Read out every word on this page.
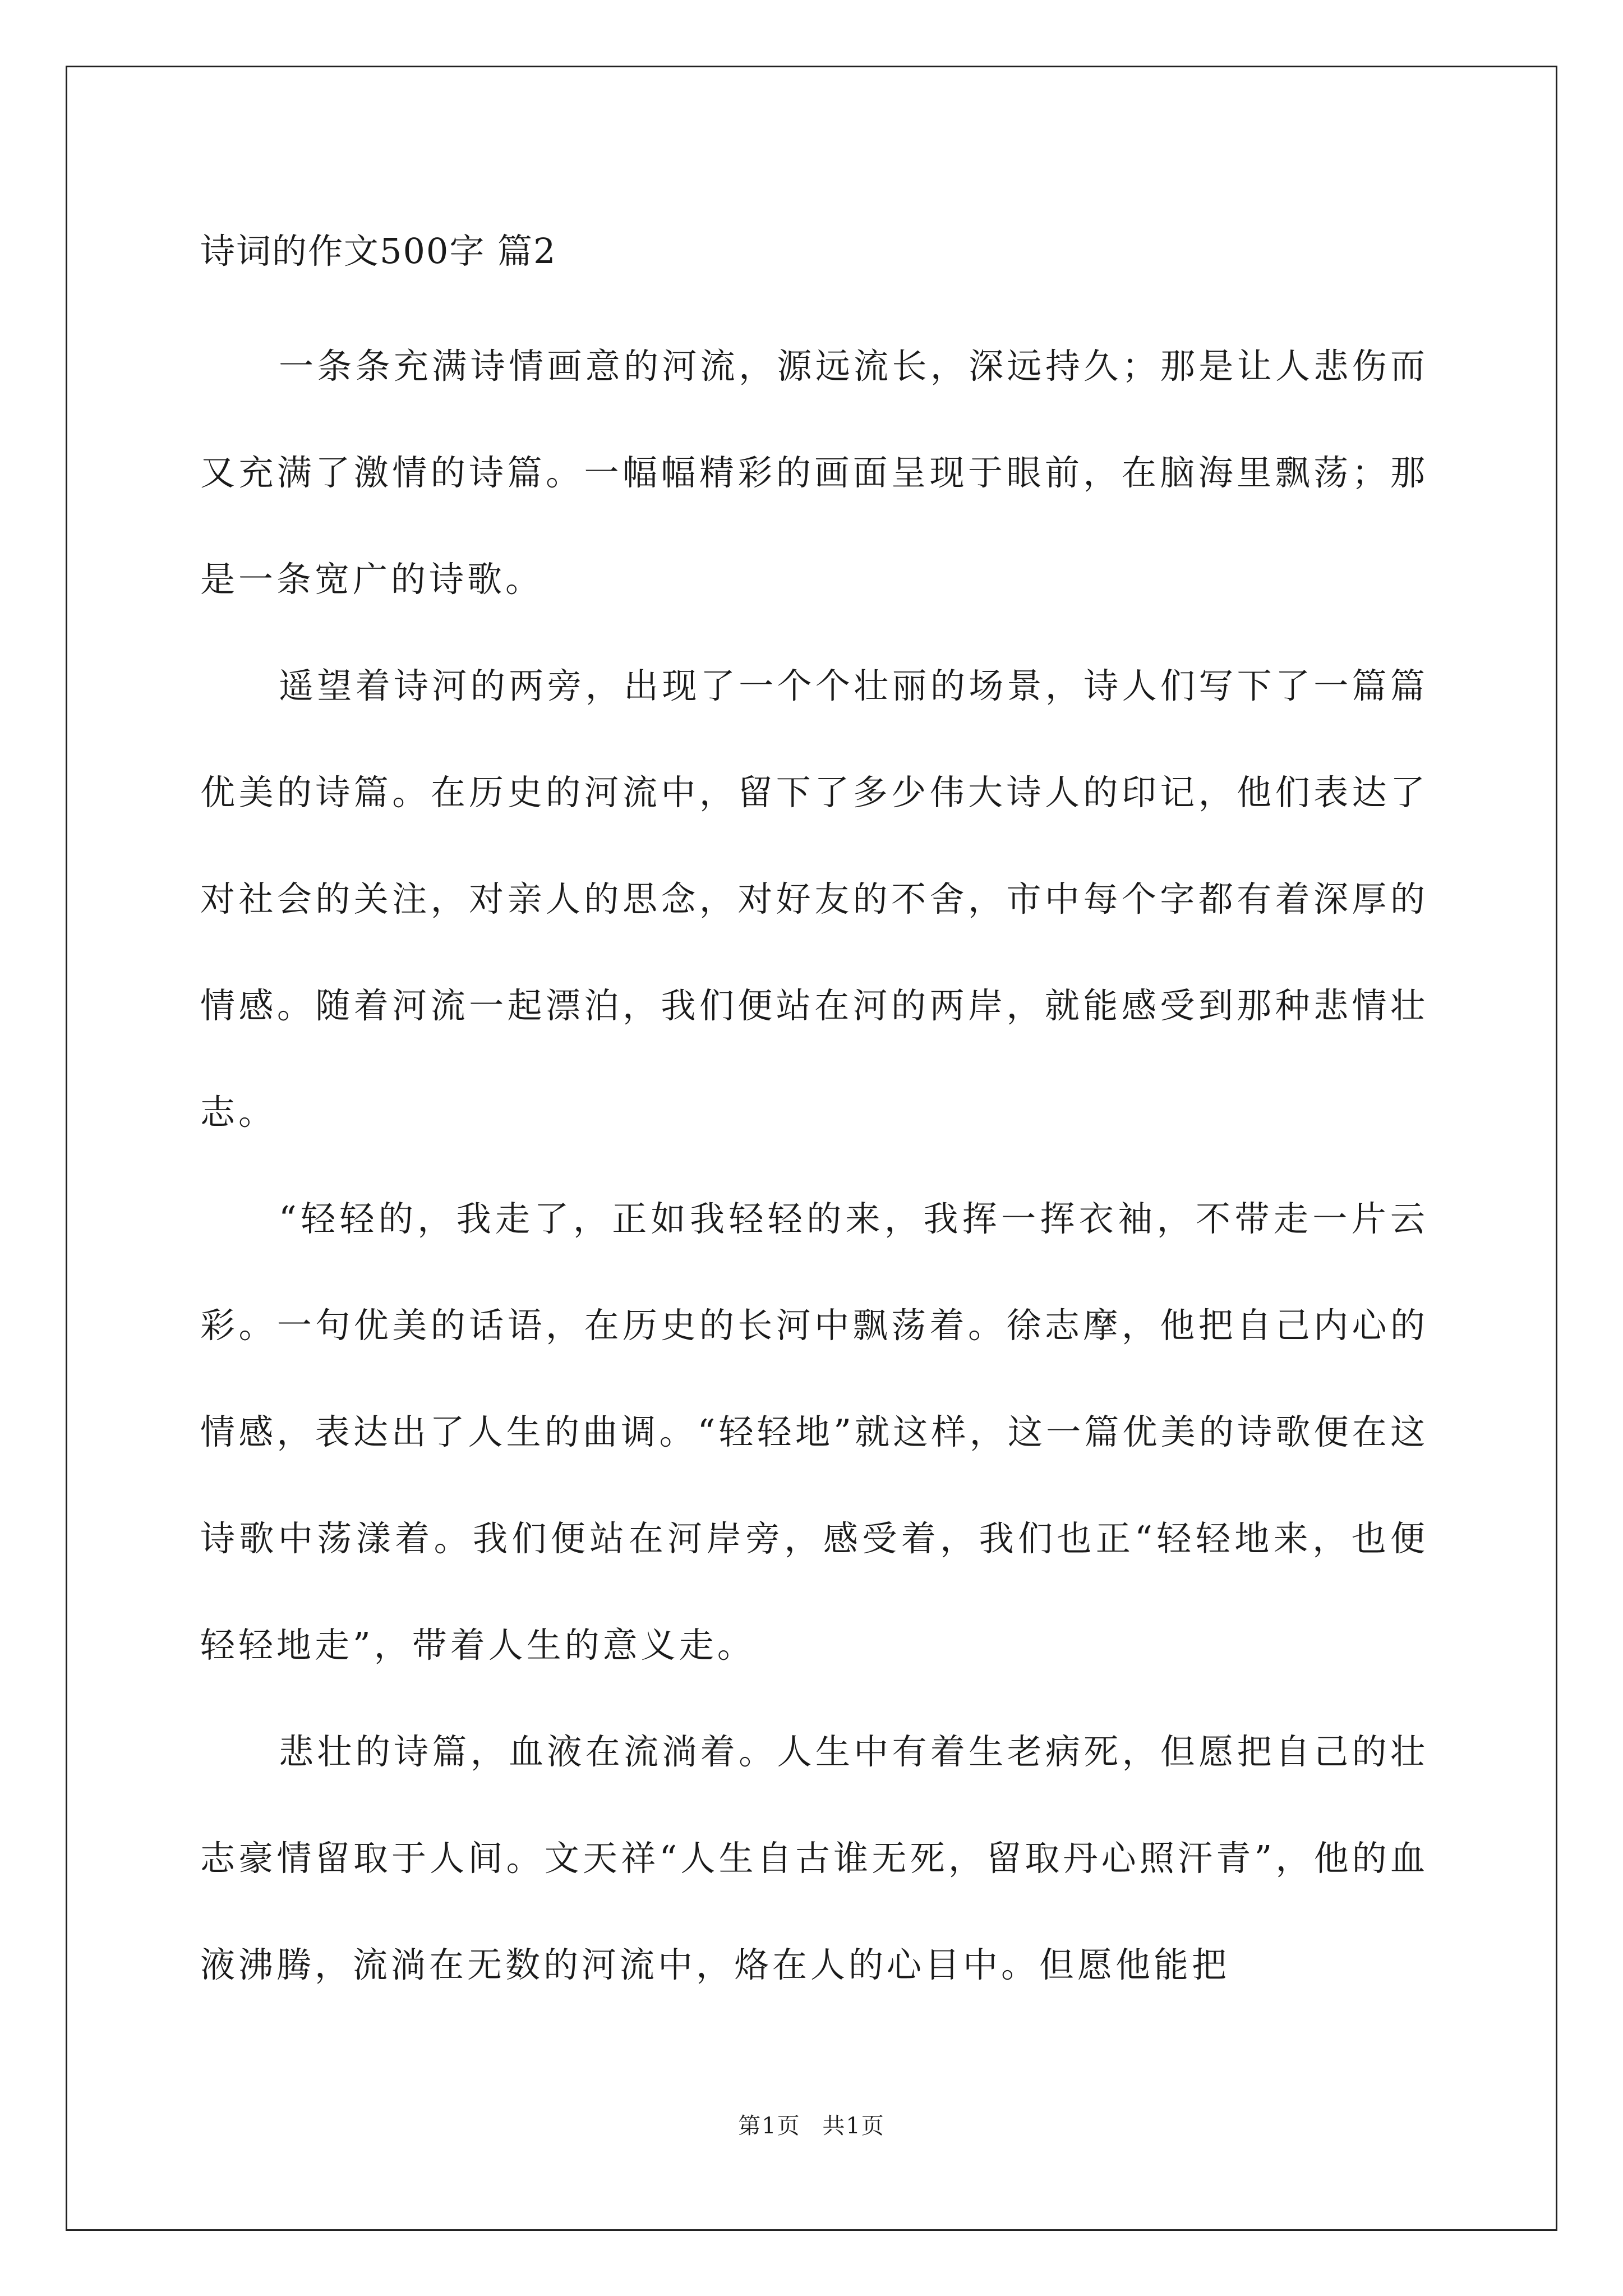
诗词的作文500字 篇2

一条条充满诗情画意的河流，源远流长，深远持久；那是让人悲伤而又充满了激情的诗篇。一幅幅精彩的画面呈现于眼前，在脑海里飘荡；那是一条宽广的诗歌。

遥望着诗河的两旁，出现了一个个壮丽的场景，诗人们写下了一篇篇优美的诗篇。在历史的河流中，留下了多少伟大诗人的印记，他们表达了对社会的关注，对亲人的思念，对好友的不舍，市中每个字都有着深厚的情感。随着河流一起漂泊，我们便站在河的两岸，就能感受到那种悲情壮志。

“轻轻的，我走了，正如我轻轻的来，我挥一挥衣袖，不带走一片云彩。一句优美的话语，在历史的长河中飘荡着。徐志摩，他把自己内心的情感，表达出了人生的曲调。“轻轻地”就这样，这一篇优美的诗歌便在这诗歌中荡漾着。我们便站在河岸旁，感受着，我们也正“轻轻地来，也便轻轻地走”，带着人生的意义走。

悲壮的诗篇，血液在流淌着。人生中有着生老病死，但愿把自己的壮志豪情留取于人间。文天祥“人生自古谁无死，留取丹心照汗青”，他的血液沸腾，流淌在无数的河流中，烙在人的心目中。但愿他能把

第1页 共1页
